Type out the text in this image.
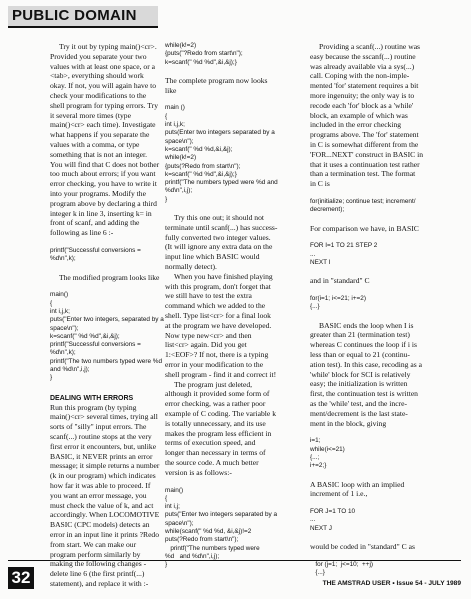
PUBLIC DOMAIN

Try it out by typing main()<cr>.
Provided you separate your two
values with at least one space, or a
<tab>, everything should work
okay. If not, you will again have to
check your modifications to the
shell program for typing errors. Try
it several more times (type
main()<cr> each time). Investigate
what happens if you separate the
values with a comma, or type
something that is not an integer.
You will find that C does not bother
too much about errors; if you want
error checking, you have to write it
into your programs. Modify the
program above by declaring a third
integer k in line 3, inserting k= in
front of scanf, and adding the
following as line 6 :-

printf("Successful conversions =
%d\n",k);

The modified program looks like

main()
{
int i,j,k;
puts("Enter two integers, separated by a
space\n");
k=scanf(" %d %d",&i,&j);
printf("Successful conversions =
%d\n",k);
printf("The two numbers typed were %d
and %d\n",i,j);
}
DEALING WITH ERRORS

Run this program (by typing
main()<cr> several times, trying all
sorts of "silly" input errors. The
scanf(...) routine stops at the very
first error it encounters, but, unlike
BASIC, it NEVER prints an error
message; it simple returns a number
(k in our program) which indicates
how far it was able to proceed. If
you want an error message, you
must check the value of k, and act
accordingly. When LOCOMOTIVE
BASIC (CPC models) detects an
error in an input line it prints ?Redo
from start. We can make our
program perform similarly by
making the following changes -
delete line 6 (the first printf(...)
statement), and replace it with :-

while(k!=2)
{puts("?Redo from start\n");
k=scanf(" %d %d",&i,&j);}

The complete program now looks
like

main ()
{
int i,j,k;
puts(Enter two integers separated by a
space\n");
k=scanf(" %d %d,&i,&j);
while(k!=2)
{puts(?Redo from start\n");
k=scanf(" %d %d",&i,&j);}
printf("The numbers typed were %d and
%d\n",i,j);
}

Try this one out; it should not
terminate until scanf(...) has success-
fully converted two integer values.
(It will ignore any extra data on the
input line which BASIC would
normally detect).

When you have finished playing
with this program, don't forget that
we still have to test the extra
command which we added to the
shell. Type list<cr> for a final look
at the program we have developed.
Now type new<cr> and then
list<cr> again. Did you get
1:<EOF>? If not, there is a typing
error in your modification to the
shell program - find it and correct it!

The program just deleted,
although it provided some form of
error checking, was a rather poor
example of C coding. The variable k
is totally unnecessary, and its use
makes the program less efficient in
terms of execution speed, and
longer than necessary in terms of
the source code. A much better
version is as follows:-

main()
{
int i,j;
puts("Enter two integers separated by a
space\n");
while(scanf(" %d %d, &i,&j)!=2
puts(?Redo from start\n");
printf("The numbers typed were
%d   and %d\n",i,j);
}

Providing a scanf(...) routine was
easy because the sscanf(...) routine
was already available via a sys(...)
call. Coping with the non-imple-
mented 'for' statement requires a bit
more ingenuity; the only way is to
recode each 'for' block as a 'while'
block, an example of which was
included in the error checking
programs above. The 'for' statement
in C is somewhat different from the
'FOR...NEXT' construct in BASIC in
that it uses a continuation test rather
than a termination test. The format
in C is

for(initialize; continue test; increment/
decrement);

For comparison we have, in BASIC

FOR I=1 TO 21 STEP 2
...
NEXT I

and in "standard" C

for(i=1; i<=21; i+=2)
{...}

BASIC ends the loop when I is
greater than 21 (termination test)
whereas C continues the loop if i is
less than or equal to 21 (continu-
ation test). In this case, recoding as a
'while' block for SCI is relatively
easy; the initialization is written
first, the continuation test is written
as the 'while' test, and the incre-
ment/decrement is the last state-
ment in the block, giving

i=1;
while(i<=21)
{...;
i+=2;}

A BASIC loop with an implied
increment of 1 i.e.,

FOR J=1 TO 10
...
NEXT J

would be coded in "standard" C as

for (j=1;  j<=10;  ++j)
{...}
32	THE AMSTRAD USER • Issue 54 - JULY 1989
